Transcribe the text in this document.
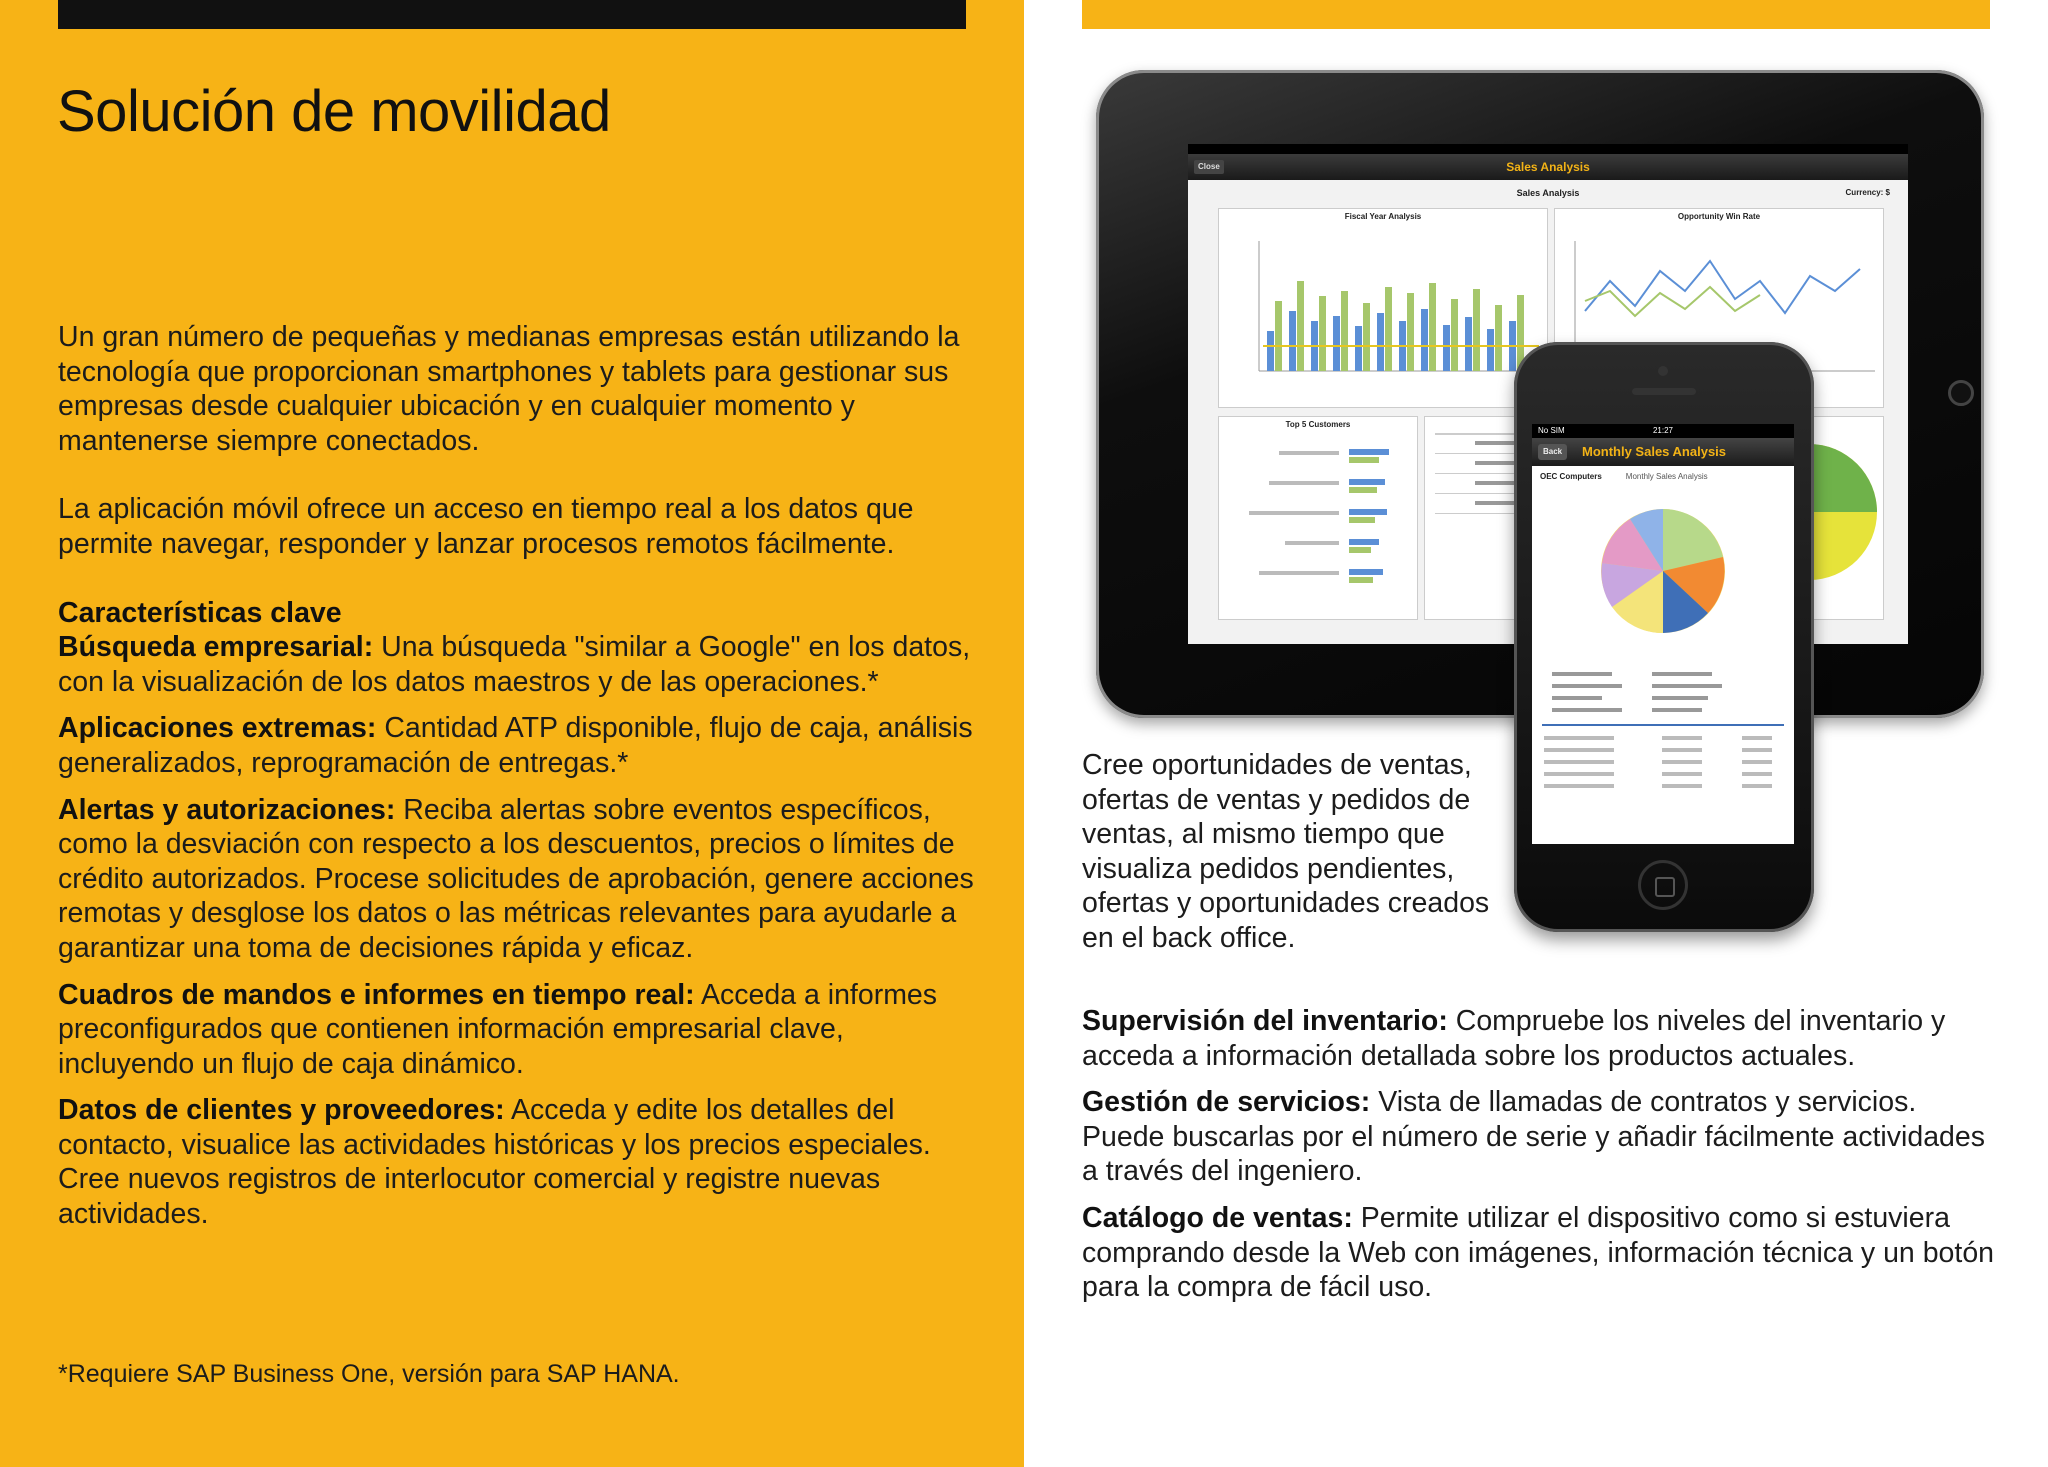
Solución de movilidad

Un gran número de pequeñas y medianas empresas están utilizando la tecnología que proporcionan smartphones y tablets para gestionar sus empresas desde cualquier ubicación y en cualquier momento y mantenerse siempre conectados.

La aplicación móvil ofrece un acceso en tiempo real a los datos que permite navegar, responder y lanzar procesos remotos fácilmente.

Características clave

Búsqueda empresarial: Una búsqueda "similar a Google" en los datos, con la visualización de los datos maestros y de las operaciones.*

Aplicaciones extremas: Cantidad ATP disponible, flujo de caja, análisis generalizados, reprogramación de entregas.*

Alertas y autorizaciones: Reciba alertas sobre eventos específicos, como la desviación con respecto a los descuentos, precios o límites de crédito autorizados. Procese solicitudes de aprobación, genere acciones remotas y desglose los datos o las métricas relevantes para ayudarle a garantizar una toma de decisiones rápida y eficaz.

Cuadros de mandos e informes en tiempo real: Acceda a informes preconfigurados que contienen información empresarial clave, incluyendo un flujo de caja dinámico.

Datos de clientes y proveedores: Acceda y edite los detalles del contacto, visualice las actividades históricas y los precios especiales. Cree nuevos registros de interlocutor comercial y registre nuevas actividades.

*Requiere SAP Business One, versión para SAP HANA.
Close	Sales Analysis
Sales Analysis	Currency: $
Fiscal Year Analysis	Opportunity Win Rate
Top 5 Customers
No SIM	21:27
Back	Monthly Sales Analysis
OEC Computers	Monthly Sales Analysis

Cree oportunidades de ventas, ofertas de ventas y pedidos de ventas, al mismo tiempo que visualiza pedidos pendientes, ofertas y oportunidades creados en el back office.

Supervisión del inventario: Compruebe los niveles del inventario y acceda a información detallada sobre los productos actuales.

Gestión de servicios: Vista de llamadas de contratos y servicios. Puede buscarlas por el número de serie y añadir fácilmente actividades a través del ingeniero.

Catálogo de ventas: Permite utilizar el dispositivo como si estuviera comprando desde la Web con imágenes, información técnica y un botón para la compra de fácil uso.
